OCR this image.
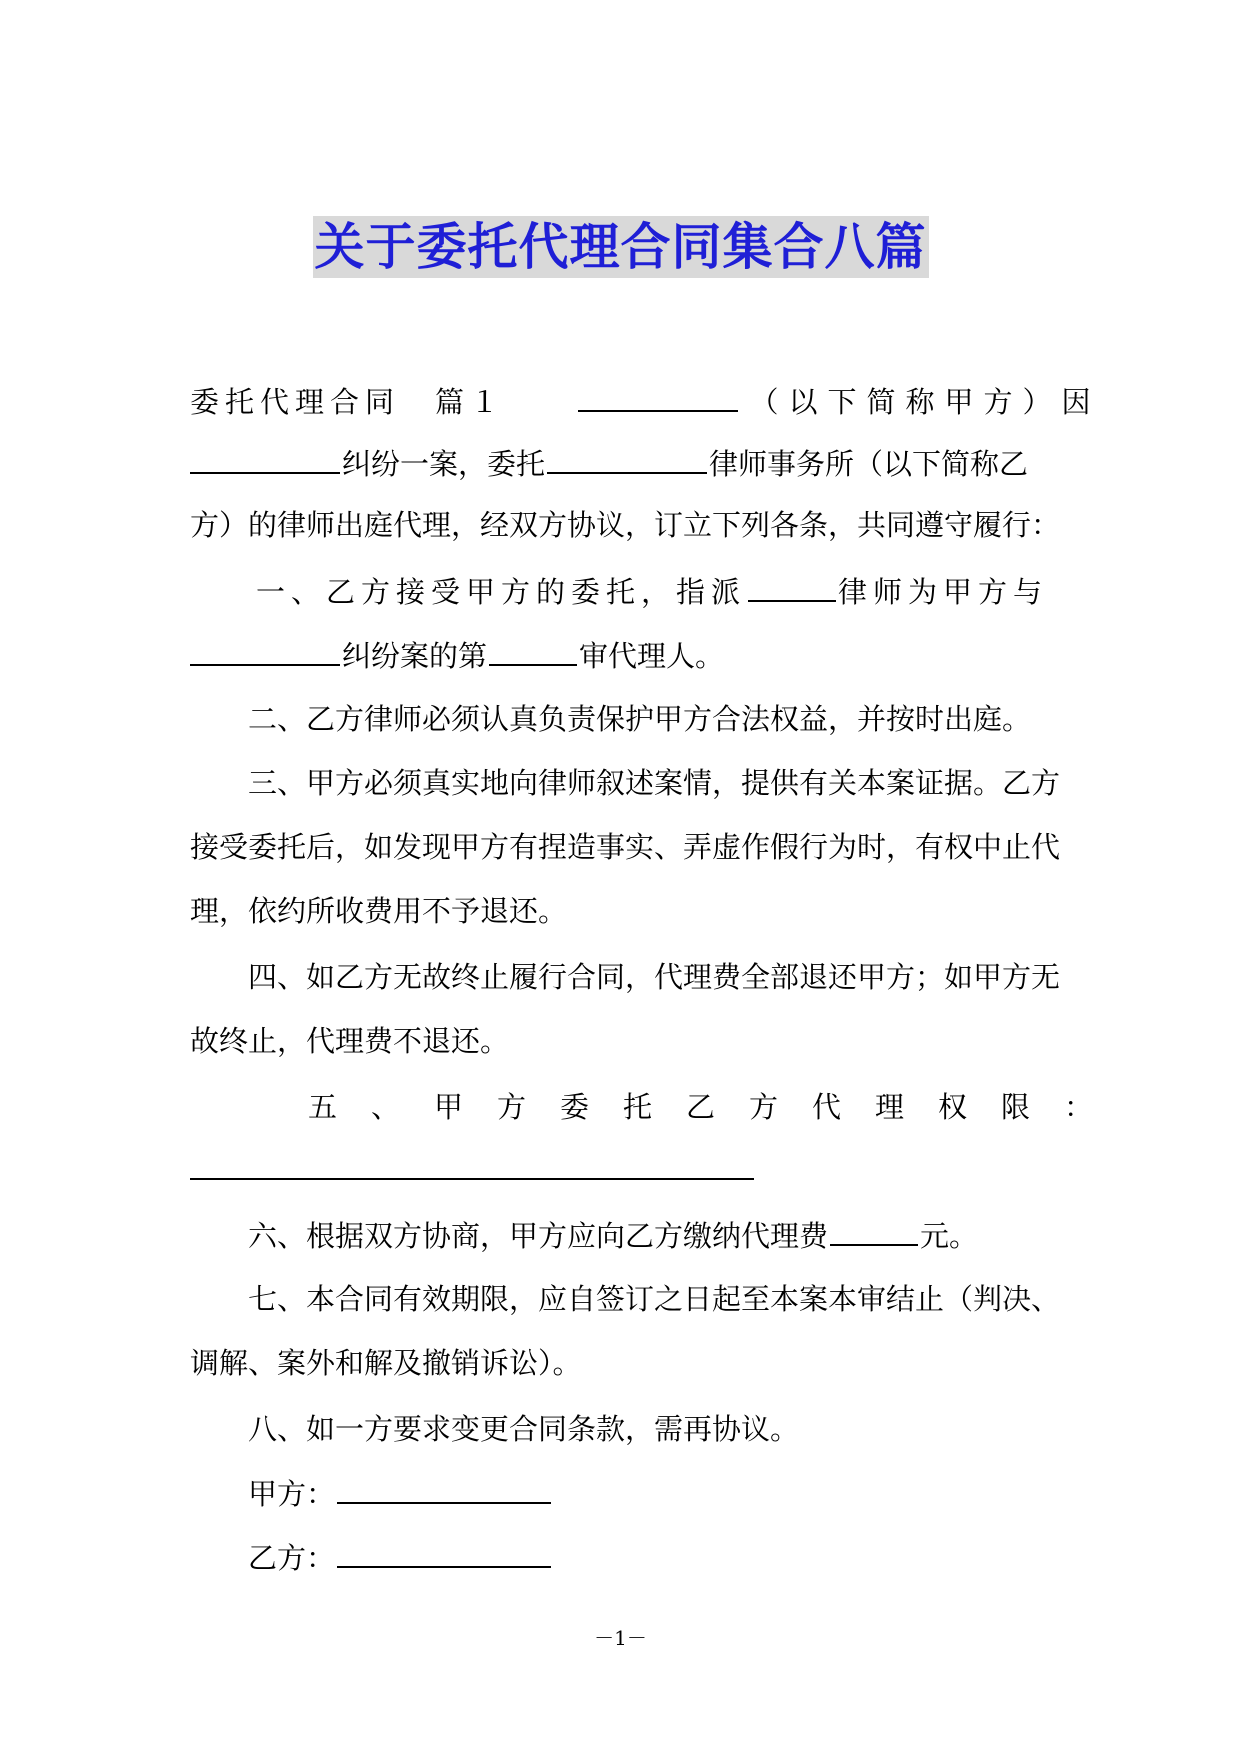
关于委托代理合同集合八篇
委托代理合同　篇１	（以下简称甲方）因
纠纷一案，委托	律师事务所（以下简称乙
方）的律师出庭代理，经双方协议，订立下列各条，共同遵守履行：
一、乙方接受甲方的委托，指派	律师为甲方与
纠纷案的第	审代理人。
二、乙方律师必须认真负责保护甲方合法权益，并按时出庭。
三、甲方必须真实地向律师叙述案情，提供有关本案证据。乙方
接受委托后，如发现甲方有捏造事实、弄虚作假行为时，有权中止代
理，依约所收费用不予退还。
四、如乙方无故终止履行合同，代理费全部退还甲方；如甲方无
故终止，代理费不退还。
五、甲方委托乙方代理权限：
六、根据双方协商，甲方应向乙方缴纳代理费	元。
七、本合同有效期限，应自签订之日起至本案本审结止（判决、
调解、案外和解及撤销诉讼）。
八、如一方要求变更合同条款，需再协议。
甲方：
乙方：
－1－
